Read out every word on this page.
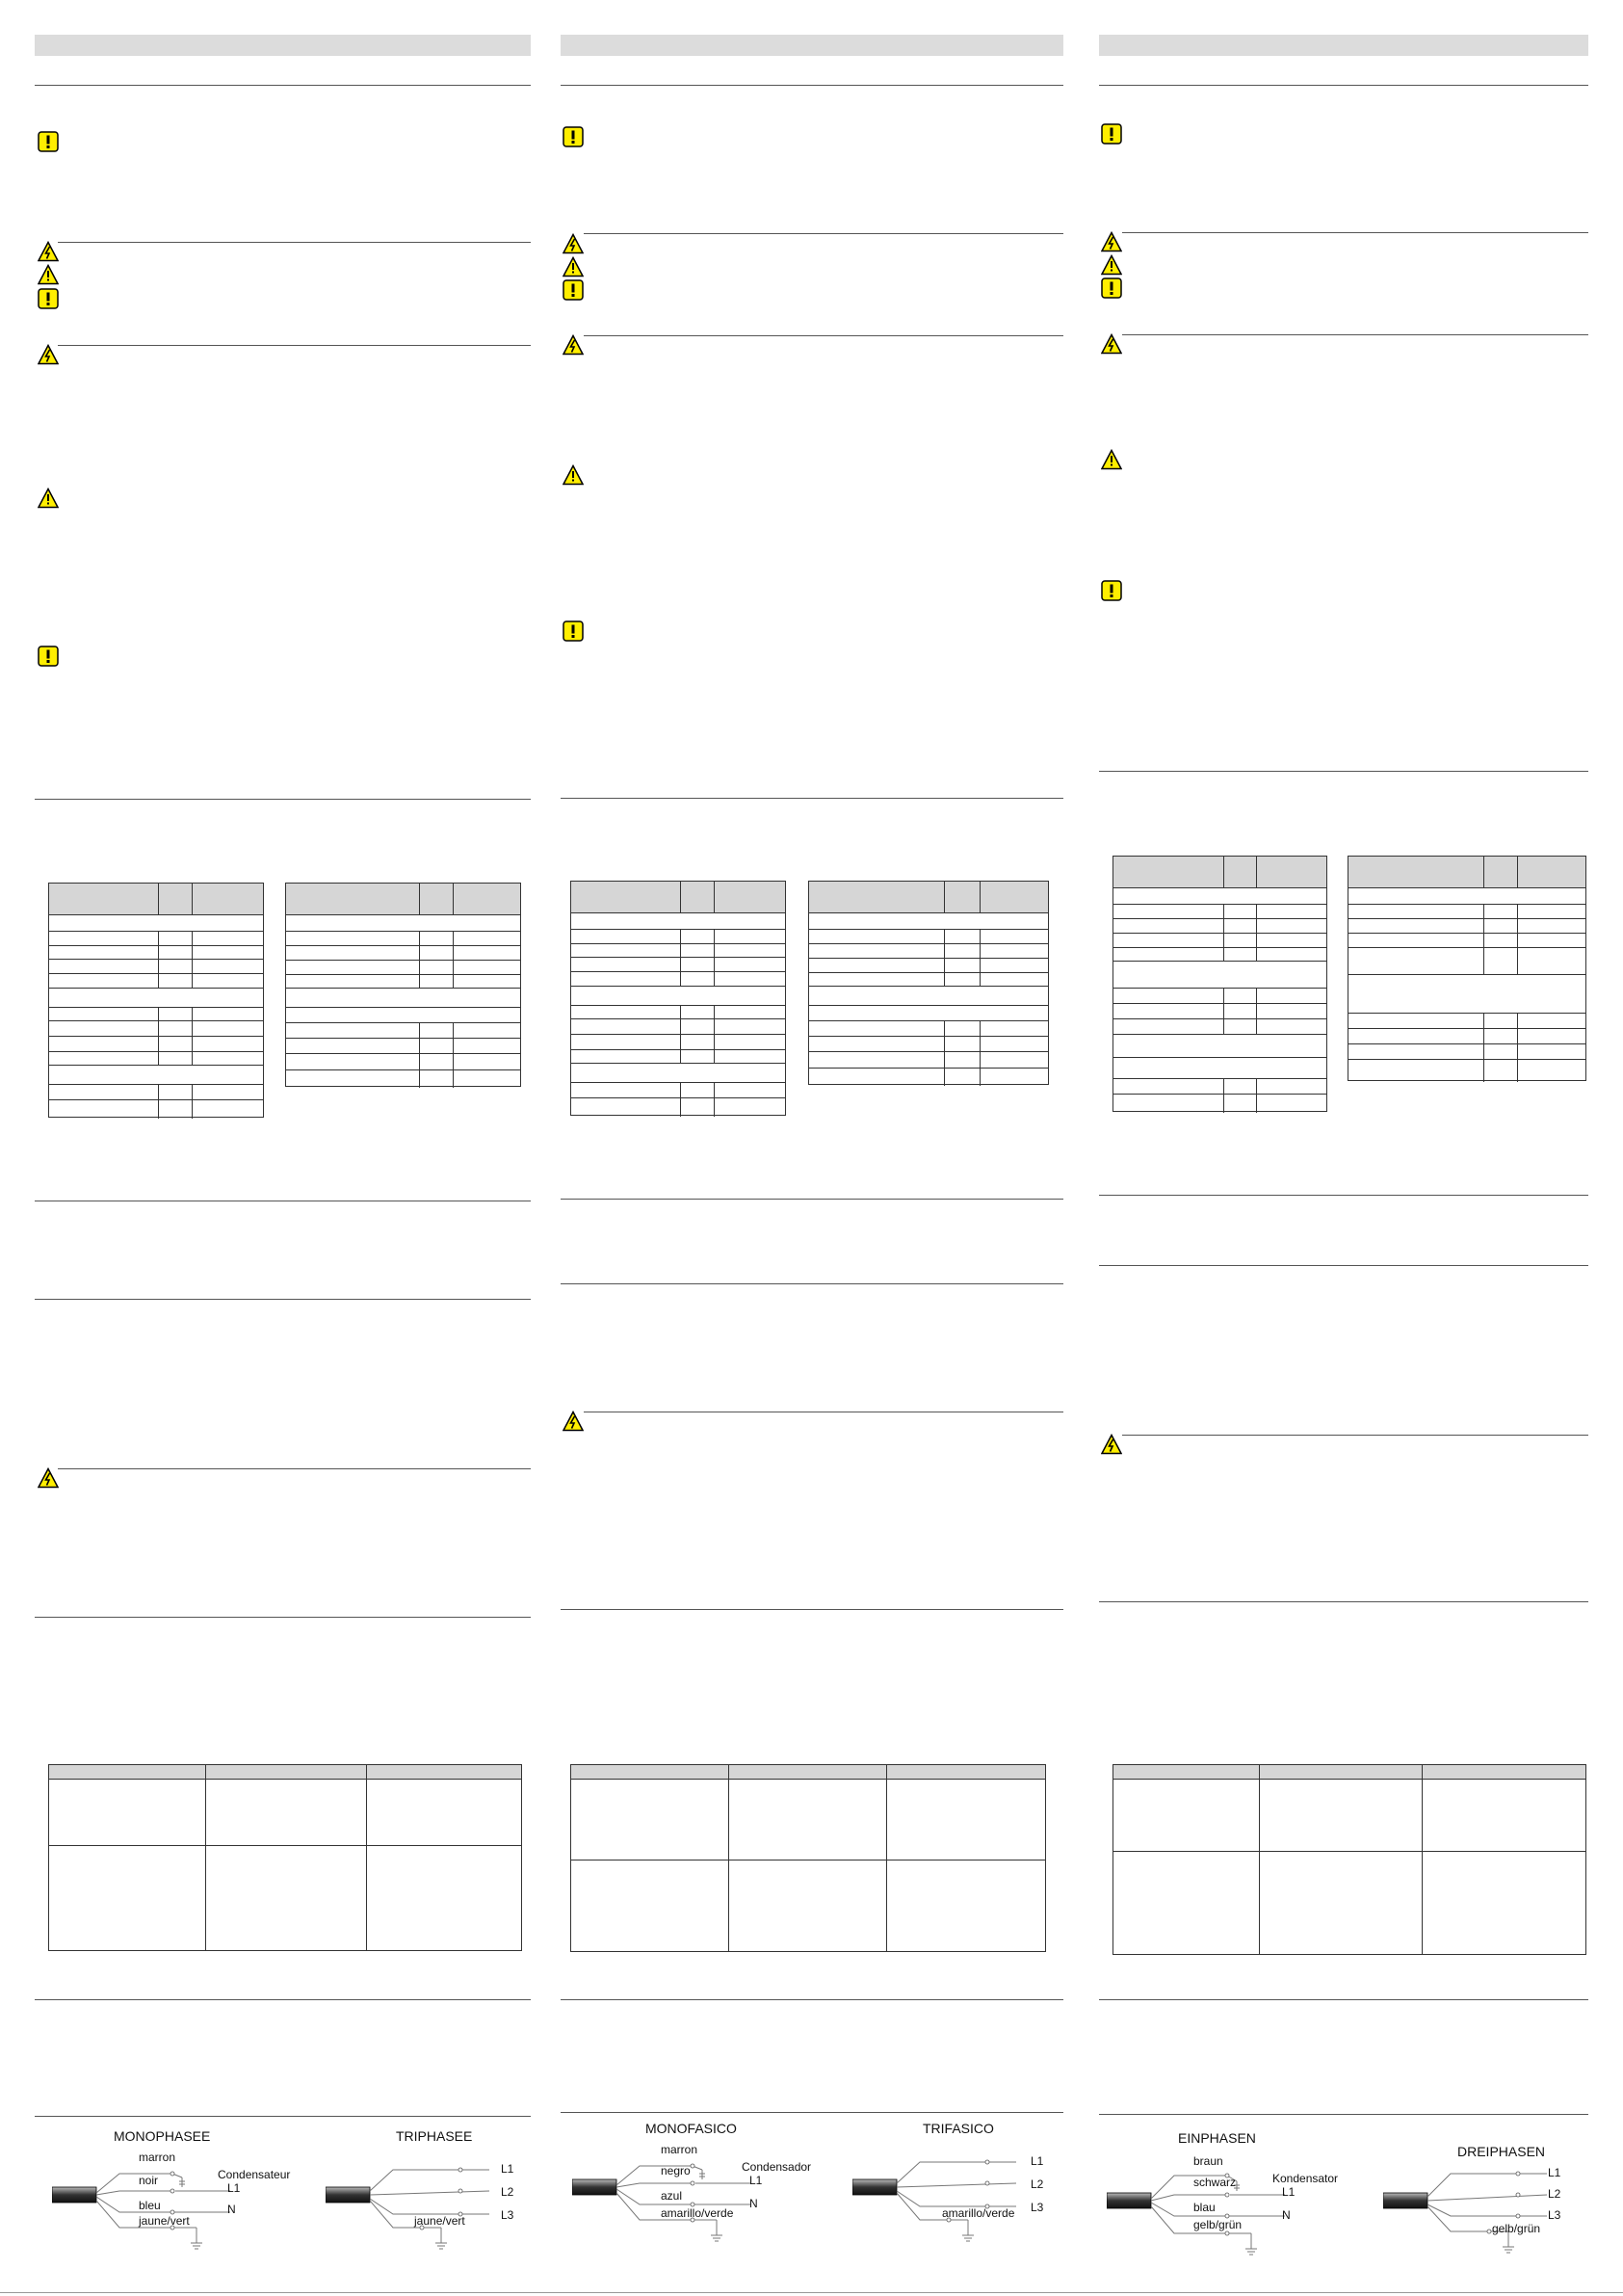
MONOPHASEE	TRIPHASEE
marron
noir
bleu
jaune/vert
Condensateur
L1
N
L1
L2
L3
jaune/vert
MONOFASICO	TRIFASICO
marron
negro
azul
amarillo/verde
Condensador
L1
N
L1
L2
L3
amarillo/verde
EINPHASEN
DREIPHASEN
braun
schwarz
blau
gelb/grün
Kondensator
L1
N
L1
L2
L3
gelb/grün
